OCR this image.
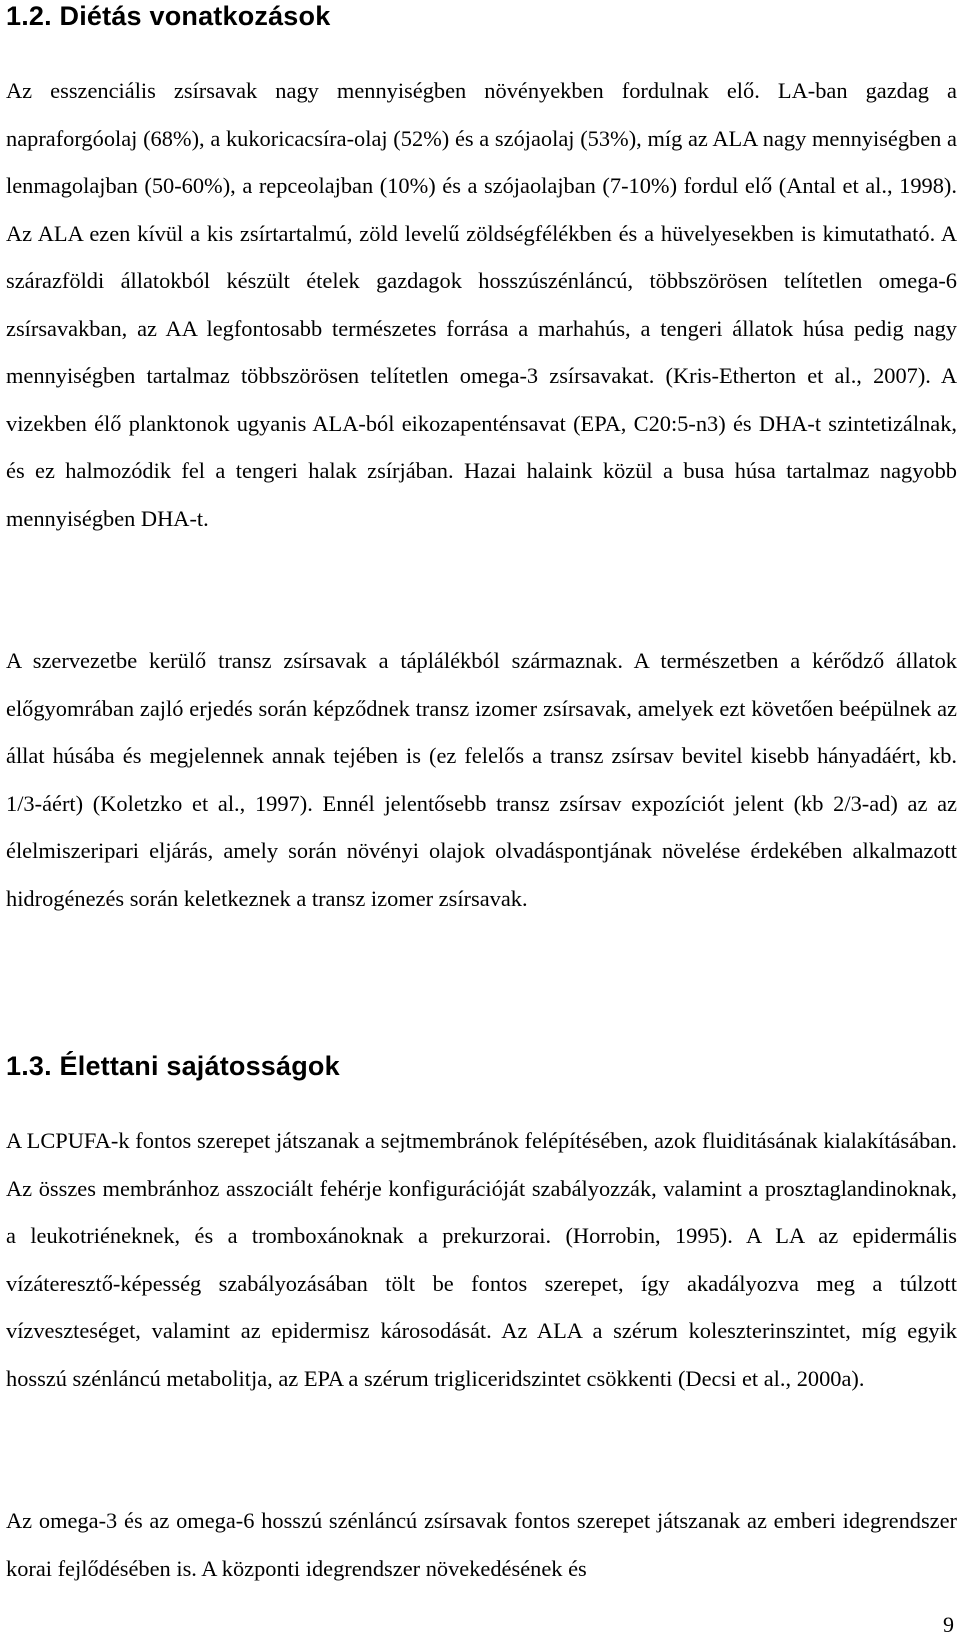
1.2. Diétás vonatkozások

Az esszenciális zsírsavak nagy mennyiségben növényekben fordulnak elő. LA-ban gazdag a napraforgóolaj (68%), a kukoricacsíra-olaj (52%) és a szójaolaj (53%), míg az ALA nagy mennyiségben a lenmagolajban (50-60%), a repceolajban (10%) és a szójaolajban (7-10%) fordul elő (Antal et al., 1998). Az ALA ezen kívül a kis zsírtartalmú, zöld levelű zöldségfélékben és a hüvelyesekben is kimutatható. A szárazföldi állatokból készült ételek gazdagok hosszúszénláncú, többszörösen telítetlen omega-6 zsírsavakban, az AA legfontosabb természetes forrása a marhahús, a tengeri állatok húsa pedig nagy mennyiségben tartalmaz többszörösen telítetlen omega-3 zsírsavakat. (Kris-Etherton et al., 2007). A vizekben élő planktonok ugyanis ALA-ból eikozapenténsavat (EPA, C20:5-n3) és DHA-t szintetizálnak, és ez halmozódik fel a tengeri halak zsírjában. Hazai halaink közül a busa húsa tartalmaz nagyobb mennyiségben DHA-t.

A szervezetbe kerülő transz zsírsavak a táplálékból származnak. A természetben a kérődző állatok előgyomrában zajló erjedés során képződnek transz izomer zsírsavak, amelyek ezt követően beépülnek az állat húsába és megjelennek annak tejében is (ez felelős a transz zsírsav bevitel kisebb hányadáért, kb. 1/3-áért) (Koletzko et al., 1997). Ennél jelentősebb transz zsírsav expozíciót jelent (kb 2/3-ad) az az élelmiszeripari eljárás, amely során növényi olajok olvadáspontjának növelése érdekében alkalmazott hidrogénezés során keletkeznek a transz izomer zsírsavak.

1.3. Élettani sajátosságok

A LCPUFA-k fontos szerepet játszanak a sejtmembránok felépítésében, azok fluiditásának kialakításában. Az összes membránhoz asszociált fehérje konfigurációját szabályozzák, valamint a prosztaglandinoknak, a leukotriéneknek, és a tromboxánoknak a prekurzorai. (Horrobin, 1995). A LA az epidermális vízáteresztő-képesség szabályozásában tölt be fontos szerepet, így akadályozva meg a túlzott vízveszteséget, valamint az epidermisz károsodását. Az ALA a szérum koleszterinszintet, míg egyik hosszú szénláncú metabolitja, az EPA a szérum trigliceridszintet csökkenti (Decsi et al., 2000a).

Az omega-3 és az omega-6 hosszú szénláncú zsírsavak fontos szerepet játszanak az emberi idegrendszer korai fejlődésében is. A központi idegrendszer növekedésének és

9
